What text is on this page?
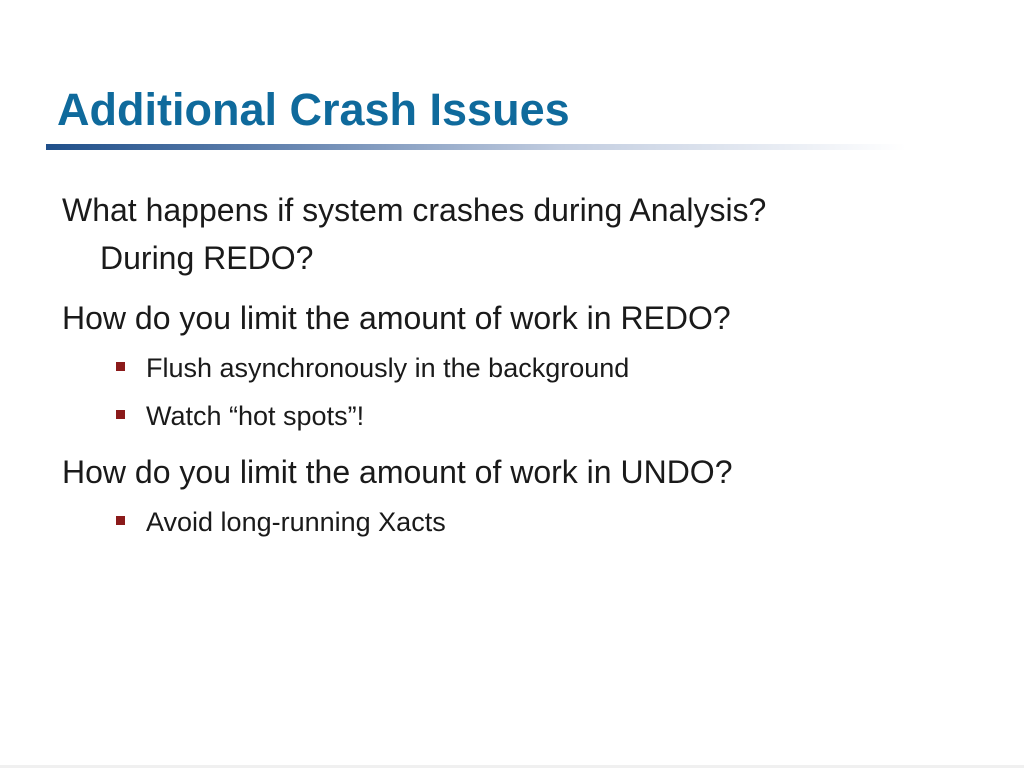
Additional Crash Issues
What happens if system crashes during Analysis?
During REDO?
How do you limit the amount of work in REDO?
Flush asynchronously in the background
Watch “hot spots”!
How do you limit the amount of work in UNDO?
Avoid long-running Xacts
